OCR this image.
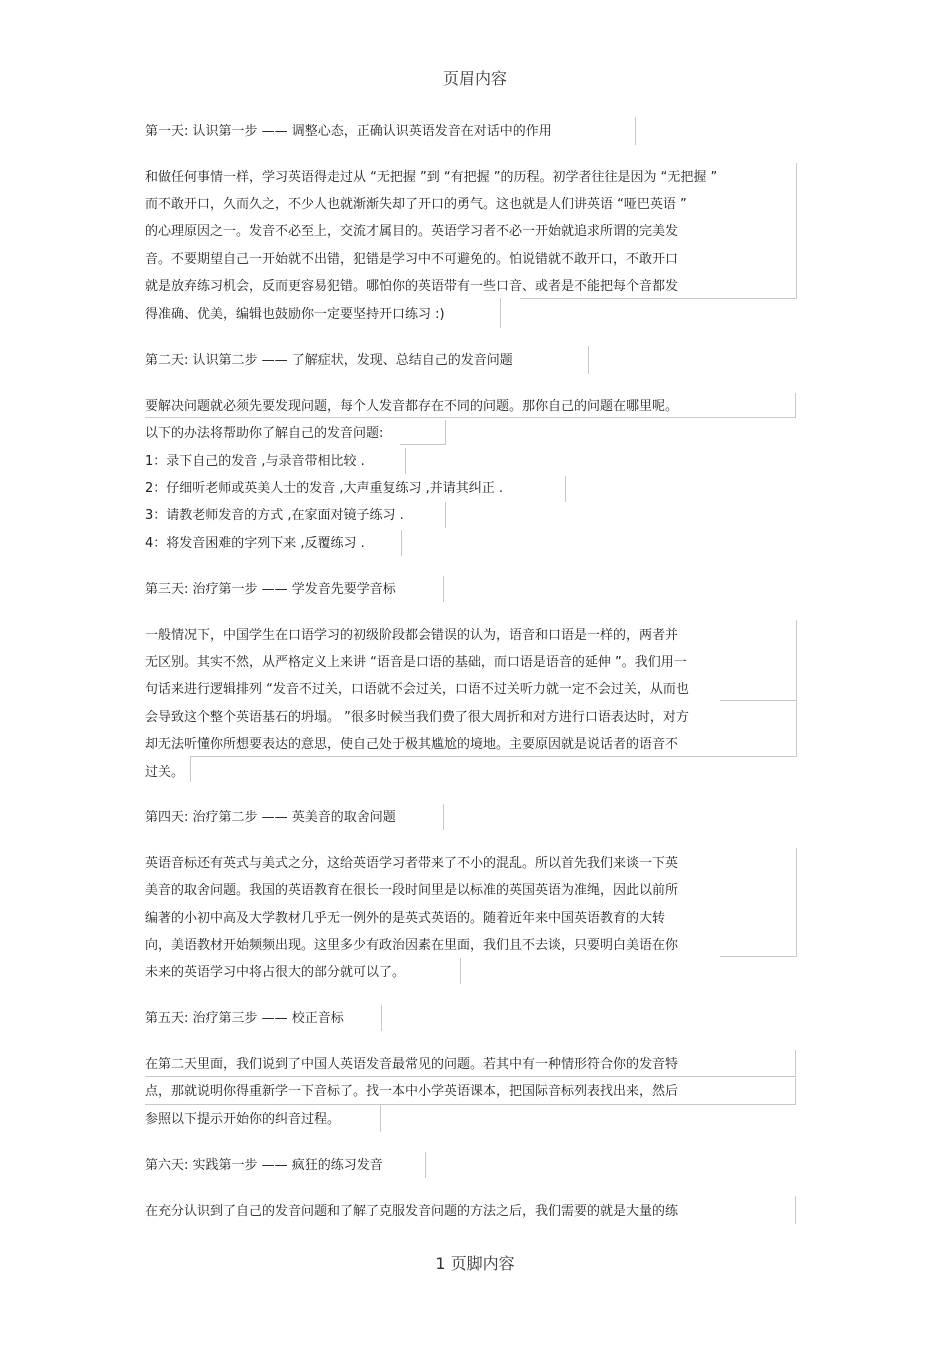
页眉内容
第一天: 认识第一步 —— 调整心态，正确认识英语发音在对话中的作用
和做任何事情一样，学习英语得走过从 “无把握 ”到 “有把握 ”的历程。初学者往往是因为 “无把握 ”
而不敢开口，久而久之，不少人也就渐渐失却了开口的勇气。这也就是人们讲英语 “哑巴英语 ”
的心理原因之一。发音不必至上，交流才属目的。英语学习者不必一开始就追求所谓的完美发
音。不要期望自己一开始就不出错，犯错是学习中不可避免的。怕说错就不敢开口，不敢开口
就是放弃练习机会，反而更容易犯错。哪怕你的英语带有一些口音、或者是不能把每个音都发
得准确、优美，编辑也鼓励你一定要坚持开口练习 :)
第二天: 认识第二步 —— 了解症状，发现、总结自己的发音问题
要解决问题就必须先要发现问题，每个人发音都存在不同的问题。那你自己的问题在哪里呢。
以下的办法将帮助你了解自己的发音问题:
1：录下自己的发音 ,与录音带相比较 .
2：仔细听老师或英美人士的发音 ,大声重复练习 ,并请其纠正 .
3：请教老师发音的方式 ,在家面对镜子练习 .
4：将发音困难的字列下来 ,反覆练习 .
第三天: 治疗第一步 —— 学发音先要学音标
一般情况下，中国学生在口语学习的初级阶段都会错误的认为，语音和口语是一样的，两者并
无区别。其实不然，从严格定义上来讲 “语音是口语的基础，而口语是语音的延伸 ”。我们用一
句话来进行逻辑排列 “发音不过关，口语就不会过关，口语不过关听力就一定不会过关，从而也
会导致这个整个英语基石的坍塌。 ”很多时候当我们费了很大周折和对方进行口语表达时，对方
却无法听懂你所想要表达的意思，使自己处于极其尴尬的境地。主要原因就是说话者的语音不
过关。
第四天: 治疗第二步 —— 英美音的取舍问题
英语音标还有英式与美式之分，这给英语学习者带来了不小的混乱。所以首先我们来谈一下英
美音的取舍问题。我国的英语教育在很长一段时间里是以标准的英国英语为准绳，因此以前所
编著的小初中高及大学教材几乎无一例外的是英式英语的。随着近年来中国英语教育的大转
向，美语教材开始频频出现。这里多少有政治因素在里面，我们且不去谈，只要明白美语在你
未来的英语学习中将占很大的部分就可以了。
第五天: 治疗第三步 —— 校正音标
在第二天里面，我们说到了中国人英语发音最常见的问题。若其中有一种情形符合你的发音特
点，那就说明你得重新学一下音标了。找一本中小学英语课本，把国际音标列表找出来，然后
参照以下提示开始你的纠音过程。
第六天: 实践第一步 —— 疯狂的练习发音
在充分认识到了自己的发音问题和了解了克服发音问题的方法之后，我们需要的就是大量的练
1 页脚内容
